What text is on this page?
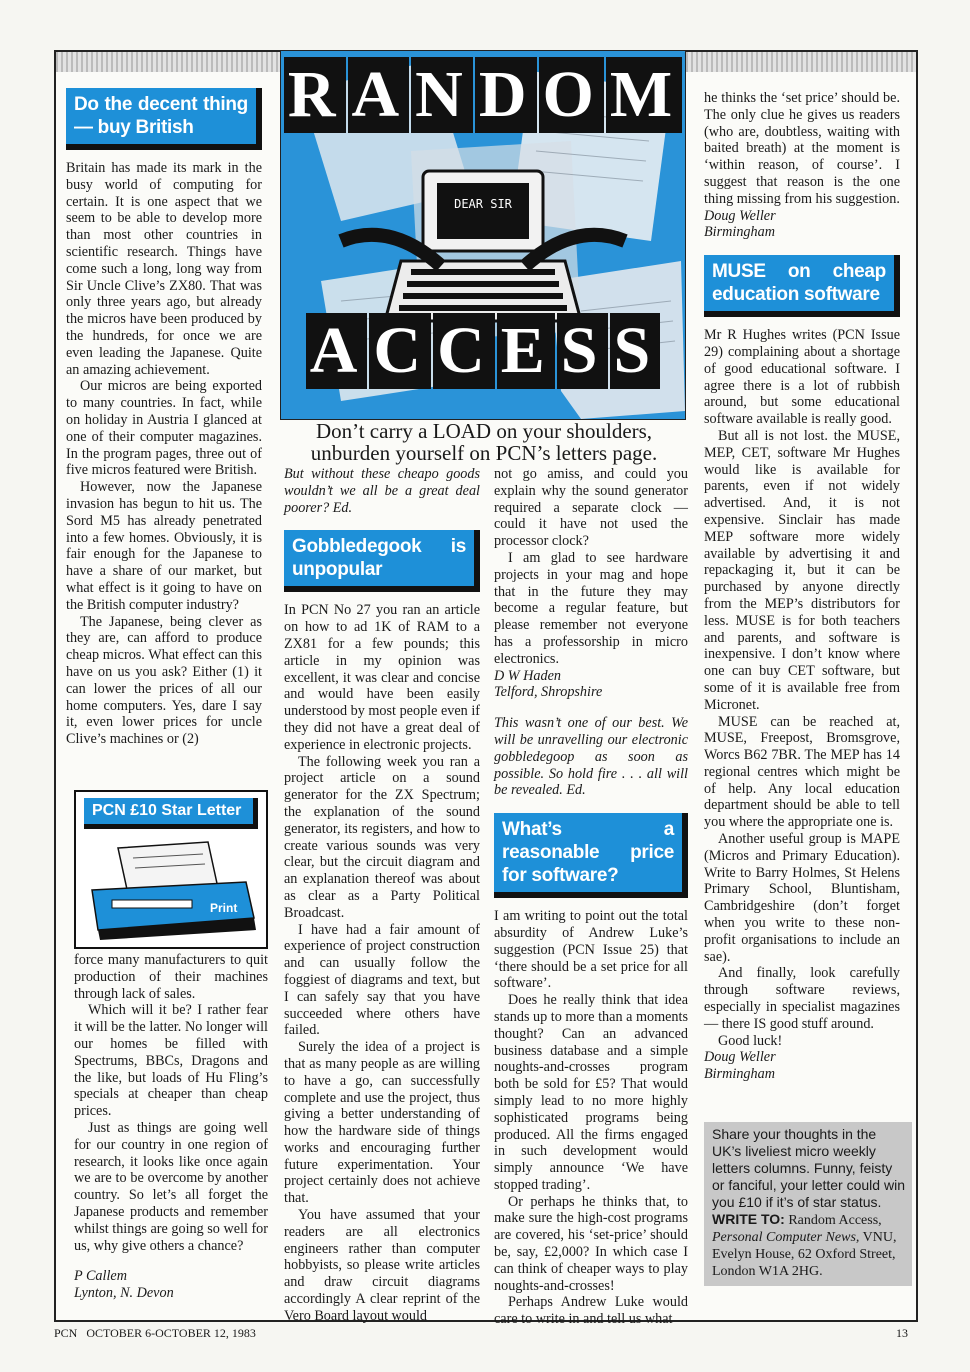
R A N D O M
DEAR SIR
A C C E S S
Don’t carry a LOAD on your shoulders,
unburden yourself on PCN’s letters page.
Do the decent thing — buy British

Britain has made its mark in the busy world of computing for certain. It is one aspect that we seem to be able to develop more than most other countries in scientific research. Things have come such a long, long way from Sir Uncle Clive’s ZX80. That was only three years ago, but already the micros have been produced by the hundreds, for once we are even leading the Japanese. Quite an amazing achievement.

Our micros are being exported to many countries. In fact, while on holiday in Austria I glanced at one of their computer magazines. In the program pages, three out of five micros featured were British.

However, now the Japanese invasion has begun to hit us. The Sord M5 has already penetrated into a few homes. Obviously, it is fair enough for the Japanese to have a share of our market, but what effect is it going to have on the British computer industry?

The Japanese, being clever as they are, can afford to produce cheap micros. What effect can this have on us you ask? Either (1) it can lower the prices of all our home computers. Yes, dare I say it, even lower prices for uncle Clive’s machines or (2)

PCN £10 Star Letter
Print

force many manufacturers to quit production of their machines through lack of sales.

Which will it be? I rather fear it will be the latter. No longer will our homes be filled with Spectrums, BBCs, Dragons and the like, but loads of Hu Fling’s specials at cheaper than cheap prices.

Just as things are going well for our country in one region of research, it looks like once again we are to be overcome by another country. So let’s all forget the Japanese products and remember whilst things are going so well for us, why give others a chance?

P Callem

Lynton, N. Devon

But without these cheapo goods wouldn’t we all be a great deal poorer? Ed.

Gobbledegook is unpopular

In PCN No 27 you ran an article on how to ad 1K of RAM to a ZX81 for a few pounds; this article in my opinion was excellent, it was clear and concise and would have been easily understood by most people even if they did not have a great deal of experience in electronic projects.

The following week you ran a project article on a sound generator for the ZX Spectrum; the explanation of the sound generator, its registers, and how to create various sounds was very clear, but the circuit diagram and an explanation thereof was about as clear as a Party Political Broadcast.

I have had a fair amount of experience of project construction and can usually follow the foggiest of diagrams and text, but I can safely say that you have succeeded where others have failed.

Surely the idea of a project is that as many people as are willing to have a go, can successfully complete and use the project, thus giving a better understanding of how the hardware side of things works and encouraging further future experimentation. Your project certainly does not achieve that.

You have assumed that your readers are all electronics engineers rather than computer hobbyists, so please write articles and draw circuit diagrams accordingly A clear reprint of the Vero Board layout would

not go amiss, and could you explain why the sound generator required a separate clock — could it have not used the processor clock?

I am glad to see hardware projects in your mag and hope that in the future they may become a regular feature, but please remember not everyone has a professorship in micro electronics.

D W Haden

Telford, Shropshire

This wasn’t one of our best. We will be unravelling our electronic gobbledegoop as soon as possible. So hold fire . . . all will be revealed. Ed.

What’s a reasonable price for software?

I am writing to point out the total absurdity of Andrew Luke’s suggestion (PCN Issue 25) that ‘there should be a set price for all software’.

Does he really think that idea stands up to more than a moments thought? Can an advanced business database and a simple noughts-and-crosses program both be sold for £5? That would simply lead to no more highly sophisticated programs being produced. All the firms engaged in such development would simply announce ‘We have stopped trading’.

Or perhaps he thinks that, to make sure the high-cost programs are covered, his ‘set-price’ should be, say, £2,000? In which case I can think of cheaper ways to play noughts-and-crosses!

Perhaps Andrew Luke would care to write in and tell us what

he thinks the ‘set price’ should be. The only clue he gives us readers (who are, doubtless, waiting with baited breath) at the moment is ‘within reason, of course’. I suggest that reason is the one thing missing from his suggestion.

Doug Weller

Birmingham

MUSE on cheap education software

Mr R Hughes writes (PCN Issue 29) complaining about a shortage of good educational software. I agree there is a lot of rubbish around, but some educational software available is really good.

But all is not lost. the MUSE, MEP, CET, software Mr Hughes would like is available for parents, even if not widely advertised. And, it is not expensive. Sinclair has made MEP software more widely available by advertising it and repackaging it, but it can be purchased by anyone directly from the MEP’s distributors for less. MUSE is for both teachers and parents, and software is inexpensive. I don’t know where one can buy CET software, but some of it is available free from Micronet.

MUSE can be reached at, MUSE, Freepost, Bromsgrove, Worcs B62 7BR. The MEP has 14 regional centres which might be of help. Any local education department should be able to tell you where the appropriate one is.

Another useful group is MAPE (Micros and Primary Education). Write to Barry Holmes, St Helens Primary School, Bluntisham, Cambridgeshire (don’t forget when you write to these non-profit organisations to include an sae).

And finally, look carefully through software reviews, especially in specialist magazines — there IS good stuff around.

Good luck!

Doug Weller

Birmingham

Share your thoughts in the UK’s liveliest micro weekly letters columns. Funny, feisty or fanciful, your letter could win you £10 if it’s of star status.
WRITE TO: Random Access, Personal Computer News, VNU, Evelyn House, 62 Oxford Street, London W1A 2HG.
PCN   OCTOBER 6-OCTOBER 12, 1983	13
